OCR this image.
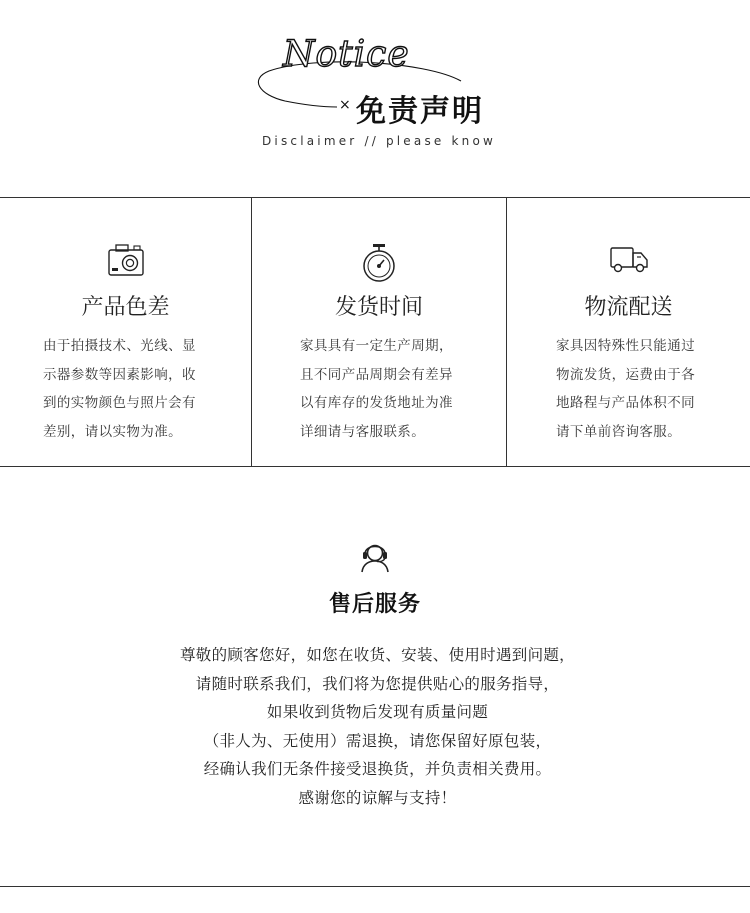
Notice
× 免责声明
Disclaimer // please know
产品色差
由于拍摄技术、光线、显
示器参数等因素影响，收
到的实物颜色与照片会有
差别，请以实物为准。
发货时间
家具具有一定生产周期，
且不同产品周期会有差异
以有库存的发货地址为准
详细请与客服联系。
物流配送
家具因特殊性只能通过
物流发货，运费由于各
地路程与产品体积不同
请下单前咨询客服。
售后服务
尊敬的顾客您好，如您在收货、安装、使用时遇到问题，
请随时联系我们，我们将为您提供贴心的服务指导，
如果收到货物后发现有质量问题
（非人为、无使用）需退换，请您保留好原包装，
经确认我们无条件接受退换货，并负责相关费用。
感谢您的谅解与支持！
